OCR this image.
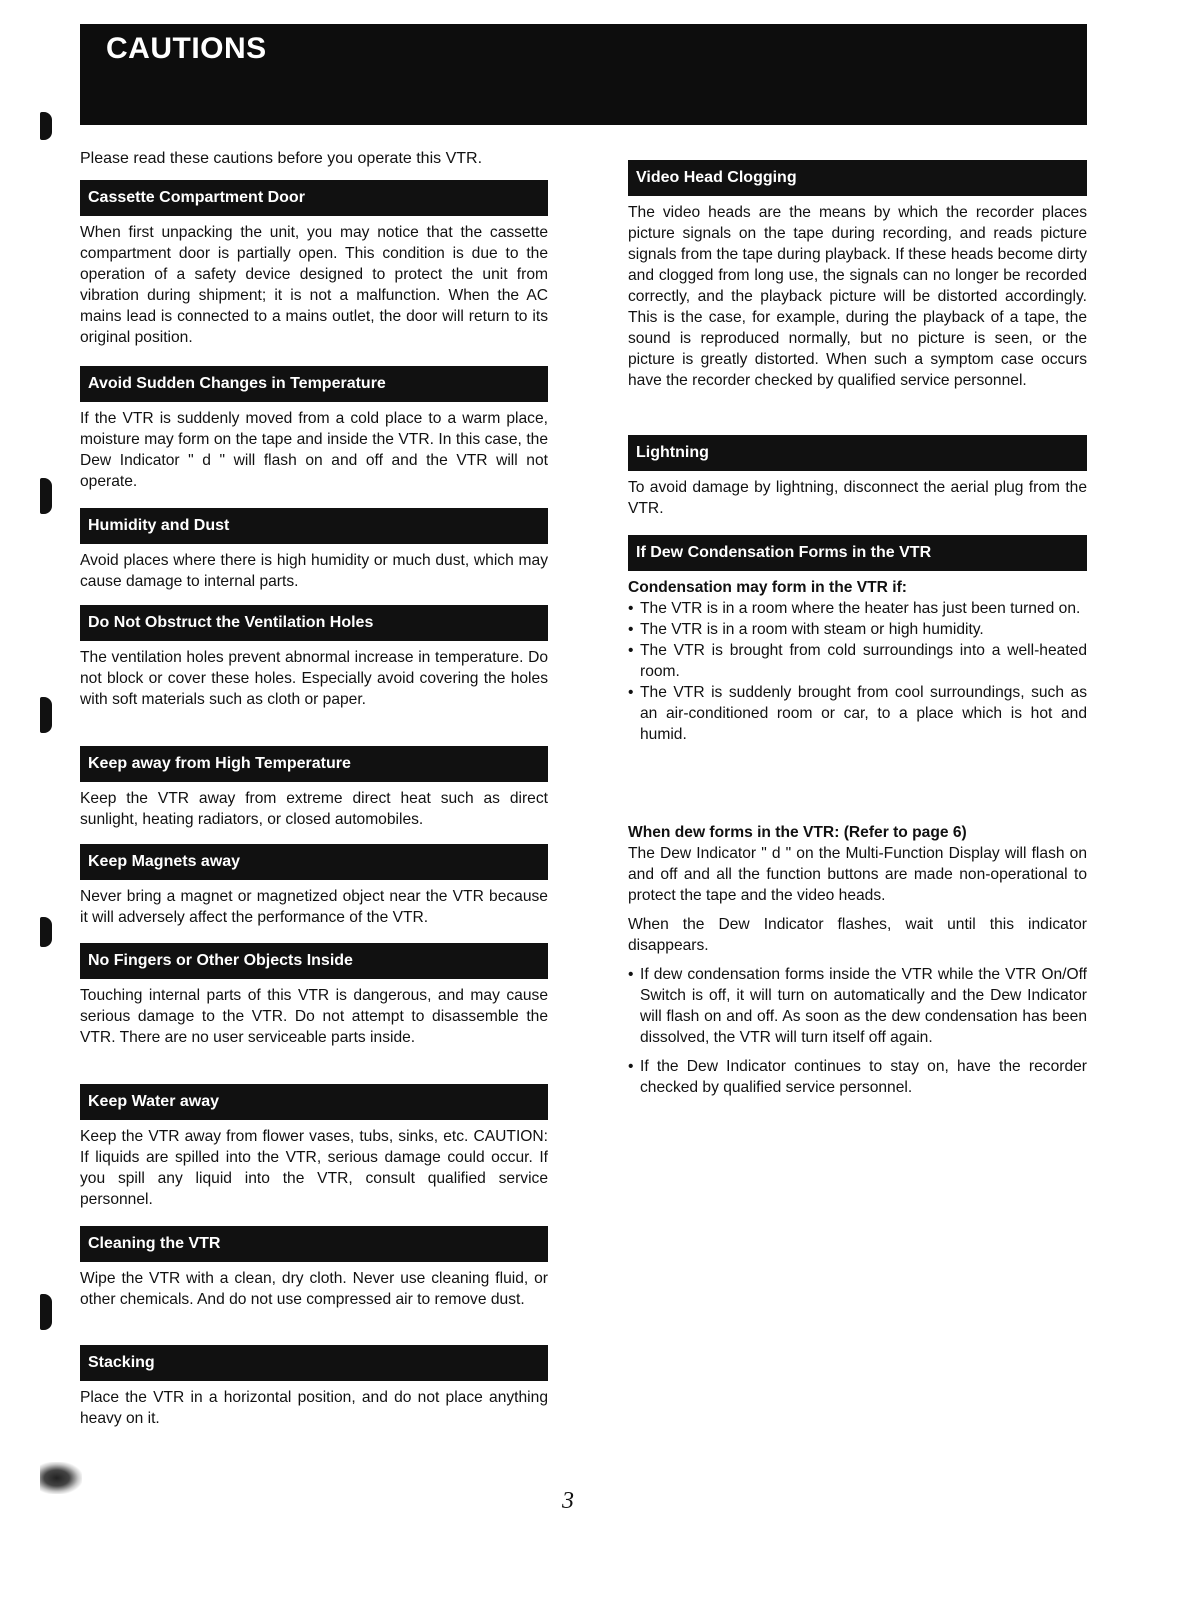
CAUTIONS
Please read these cautions before you operate this VTR.
Cassette Compartment Door

When first unpacking the unit, you may notice that the cassette compartment door is partially open. This condition is due to the operation of a safety device designed to protect the unit from vibration during shipment; it is not a malfunction. When the AC mains lead is connected to a mains outlet, the door will return to its original position.

Avoid Sudden Changes in Temperature

If the VTR is suddenly moved from a cold place to a warm place, moisture may form on the tape and inside the VTR. In this case, the Dew Indicator " d " will flash on and off and the VTR will not operate.

Humidity and Dust

Avoid places where there is high humidity or much dust, which may cause damage to internal parts.

Do Not Obstruct the Ventilation Holes

The ventilation holes prevent abnormal increase in temperature. Do not block or cover these holes. Especially avoid covering the holes with soft materials such as cloth or paper.

Keep away from High Temperature

Keep the VTR away from extreme direct heat such as direct sunlight, heating radiators, or closed automobiles.

Keep Magnets away

Never bring a magnet or magnetized object near the VTR because it will adversely affect the performance of the VTR.

No Fingers or Other Objects Inside

Touching internal parts of this VTR is dangerous, and may cause serious damage to the VTR. Do not attempt to disassemble the VTR. There are no user serviceable parts inside.

Keep Water away

Keep the VTR away from flower vases, tubs, sinks, etc. CAUTION: If liquids are spilled into the VTR, serious damage could occur. If you spill any liquid into the VTR, consult qualified service personnel.

Cleaning the VTR

Wipe the VTR with a clean, dry cloth. Never use cleaning fluid, or other chemicals. And do not use compressed air to remove dust.

Stacking

Place the VTR in a horizontal position, and do not place anything heavy on it.

Video Head Clogging

The video heads are the means by which the recorder places picture signals on the tape during recording, and reads picture signals from the tape during playback. If these heads become dirty and clogged from long use, the signals can no longer be recorded correctly, and the playback picture will be distorted accordingly. This is the case, for example, during the playback of a tape, the sound is reproduced normally, but no picture is seen, or the picture is greatly distorted. When such a symptom case occurs have the recorder checked by qualified service personnel.

Lightning

To avoid damage by lightning, disconnect the aerial plug from the VTR.

If Dew Condensation Forms in the VTR

Condensation may form in the VTR if:

• The VTR is in a room where the heater has just been turned on.
• The VTR is in a room with steam or high humidity.
• The VTR is brought from cold surroundings into a well-heated room.
• The VTR is suddenly brought from cool surroundings, such as an air-conditioned room or car, to a place which is hot and humid.

When dew forms in the VTR: (Refer to page 6)

The Dew Indicator " d " on the Multi-Function Display will flash on and off and all the function buttons are made non-operational to protect the tape and the video heads.

When the Dew Indicator flashes, wait until this indicator disappears.

• If dew condensation forms inside the VTR while the VTR On/Off Switch is off, it will turn on automatically and the Dew Indicator will flash on and off. As soon as the dew condensation has been dissolved, the VTR will turn itself off again.
• If the Dew Indicator continues to stay on, have the recorder checked by qualified service personnel.
3
